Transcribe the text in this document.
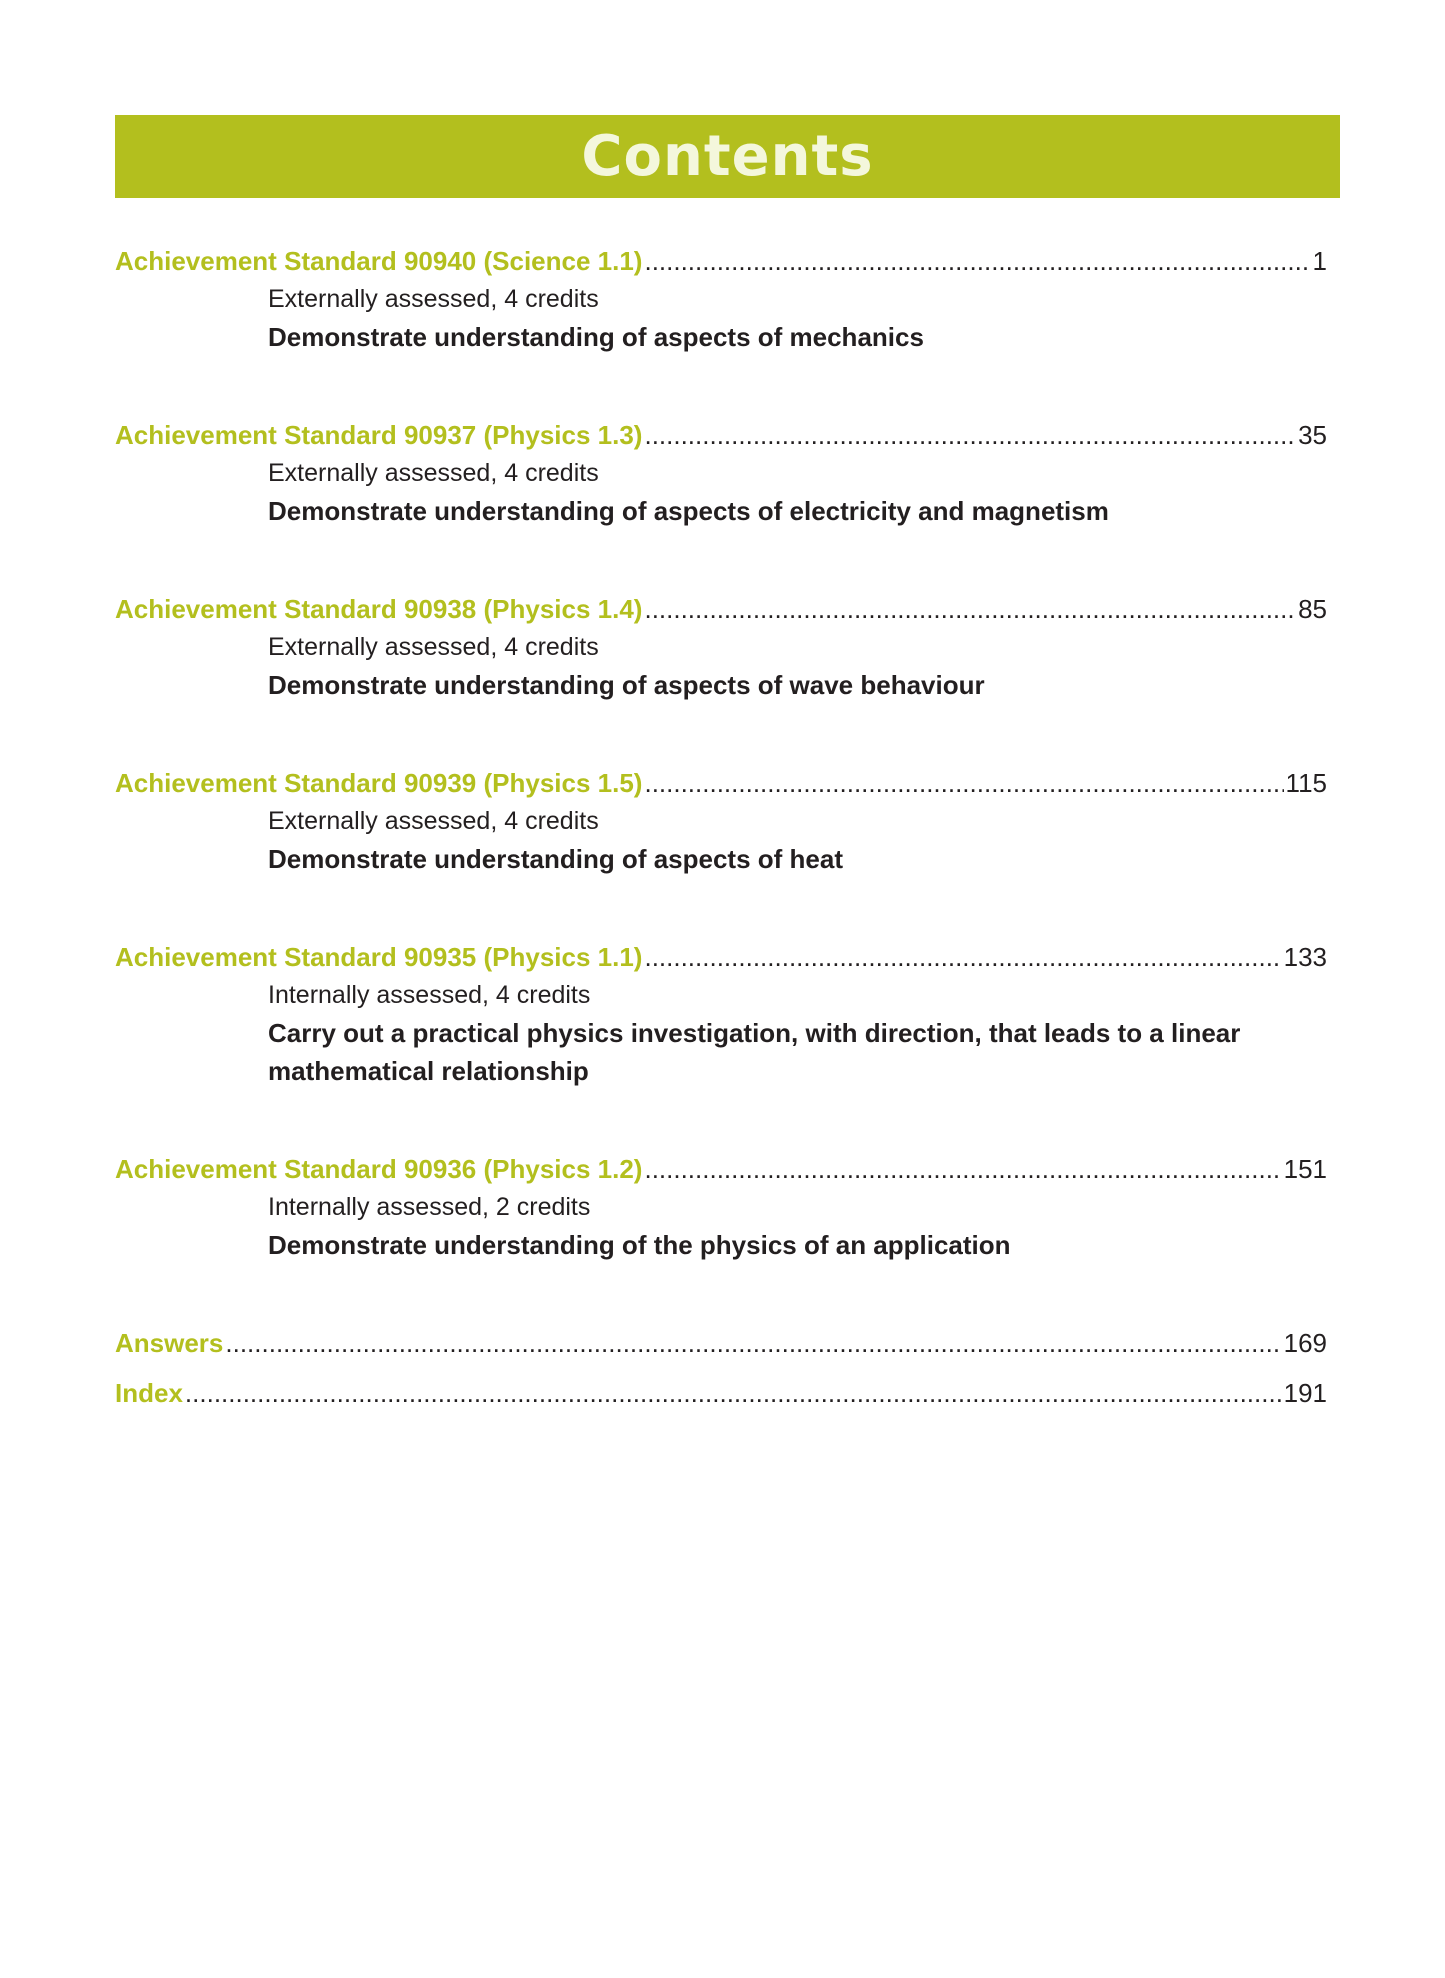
Contents
Achievement Standard 90940 (Science 1.1) .....	1
Externally assessed, 4 credits
Demonstrate understanding of aspects of mechanics
Achievement Standard 90937 (Physics 1.3) .....	35
Externally assessed, 4 credits
Demonstrate understanding of aspects of electricity and magnetism
Achievement Standard 90938 (Physics 1.4) .....	85
Externally assessed, 4 credits
Demonstrate understanding of aspects of wave behaviour
Achievement Standard 90939 (Physics 1.5) .....	115
Externally assessed, 4 credits
Demonstrate understanding of aspects of heat
Achievement Standard 90935 (Physics 1.1) .....	133
Internally assessed, 4 credits
Carry out a practical physics investigation, with direction, that leads to a linear mathematical relationship
Achievement Standard 90936 (Physics 1.2) .....	151
Internally assessed, 2 credits
Demonstrate understanding of the physics of an application
Answers .....	169
Index .....	191
